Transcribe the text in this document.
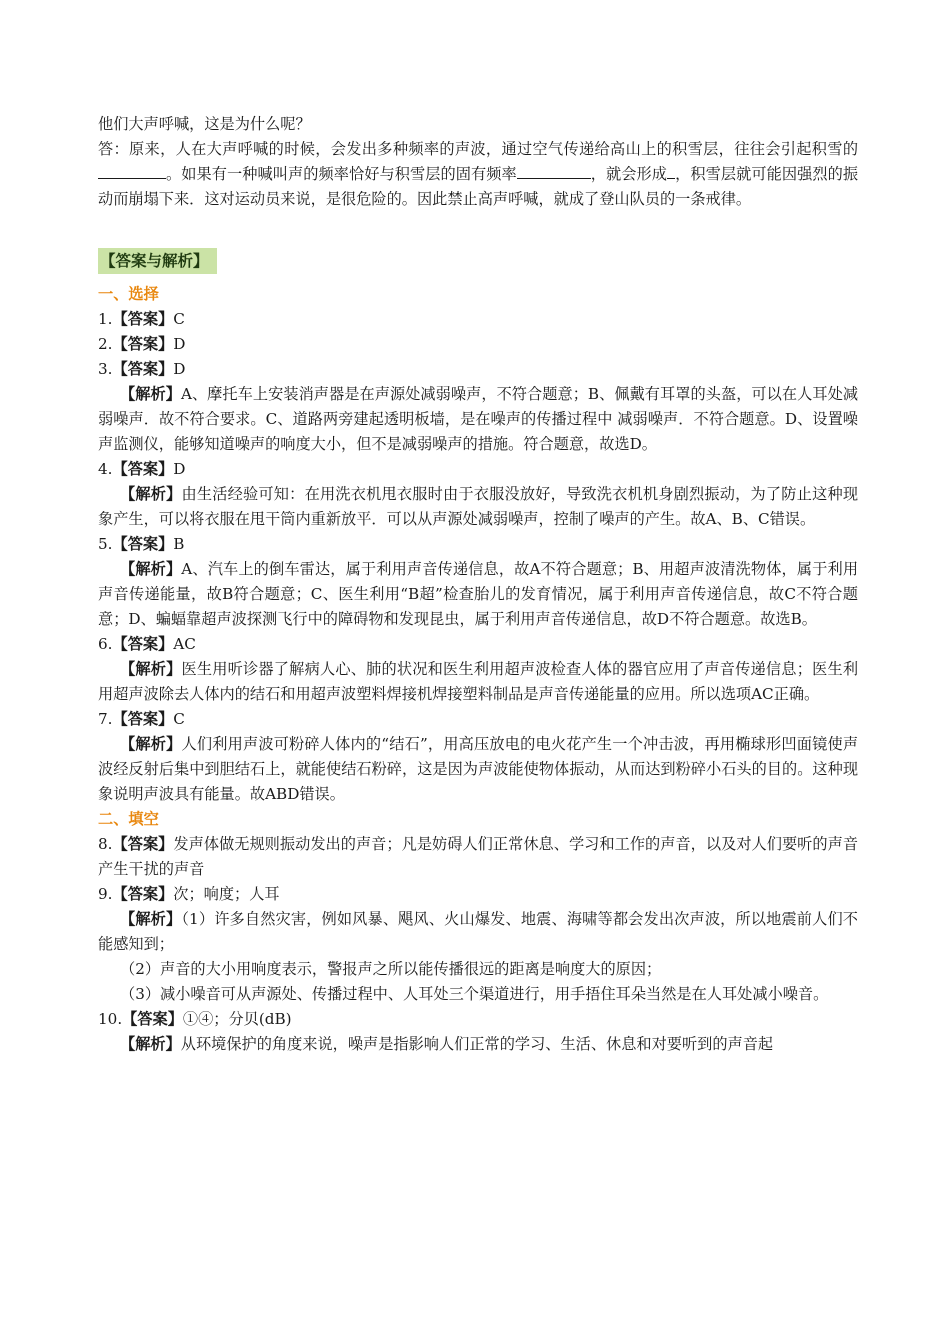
他们大声呼喊，这是为什么呢？

答：原来，人在大声呼喊的时候，会发出多种频率的声波，通过空气传递给高山上的积雪层，往往会引起积雪的。如果有一种喊叫声的频率恰好与积雪层的固有频率	，就会形成 ，积雪层就可能因强烈的振动而崩塌下来．这对运动员来说，是很危险的。因此禁止高声呼喊，就成了登山队员的一条戒律。

【答案与解析】

一、选择

1.【答案】C

2.【答案】D

3.【答案】D

【解析】A、摩托车上安装消声器是在声源处减弱噪声，不符合题意；B、佩戴有耳罩的头盔，可以在人耳处减弱噪声．故不符合要求。C、道路两旁建起透明板墙，是在噪声的传播过程中 减弱噪声．不符合题意。D、设置噪声监测仪，能够知道噪声的响度大小，但不是减弱噪声的措施。符合题意，故选D。

4.【答案】D

【解析】由生活经验可知：在用洗衣机甩衣服时由于衣服没放好，导致洗衣机机身剧烈振动，为了防止这种现象产生，可以将衣服在甩干筒内重新放平．可以从声源处减弱噪声，控制了噪声的产生。故A、B、C错误。

5.【答案】B

【解析】A、汽车上的倒车雷达，属于利用声音传递信息，故A不符合题意；B、用超声波清洗物体，属于利用声音传递能量，故B符合题意；C、医生利用“B超”检查胎儿的发育情况，属于利用声音传递信息，故C不符合题意；D、蝙蝠靠超声波探测飞行中的障碍物和发现昆虫，属于利用声音传递信息，故D不符合题意。故选B。

6.【答案】AC

【解析】医生用听诊器了解病人心、肺的状况和医生利用超声波检查人体的器官应用了声音传递信息；医生利用超声波除去人体内的结石和用超声波塑料焊接机焊接塑料制品是声音传递能量的应用。所以选项AC正确。

7.【答案】C

【解析】人们利用声波可粉碎人体内的“结石”，用高压放电的电火花产生一个冲击波，再用椭球形凹面镜使声波经反射后集中到胆结石上，就能使结石粉碎，这是因为声波能使物体振动，从而达到粉碎小石头的目的。这种现象说明声波具有能量。故ABD错误。

二、填空

8.【答案】发声体做无规则振动发出的声音；凡是妨碍人们正常休息、学习和工作的声音，以及对人们要听的声音产生干扰的声音

9.【答案】次；响度；人耳

【解析】（1）许多自然灾害，例如风暴、飓风、火山爆发、地震、海啸等都会发出次声波，所以地震前人们不能感知到；

（2）声音的大小用响度表示，警报声之所以能传播很远的距离是响度大的原因；

（3）减小噪音可从声源处、传播过程中、人耳处三个渠道进行，用手捂住耳朵当然是在人耳处减小噪音。

10.【答案】①④；分贝(dB)

【解析】从环境保护的角度来说，噪声是指影响人们正常的学习、生活、休息和对要听到的声音起
